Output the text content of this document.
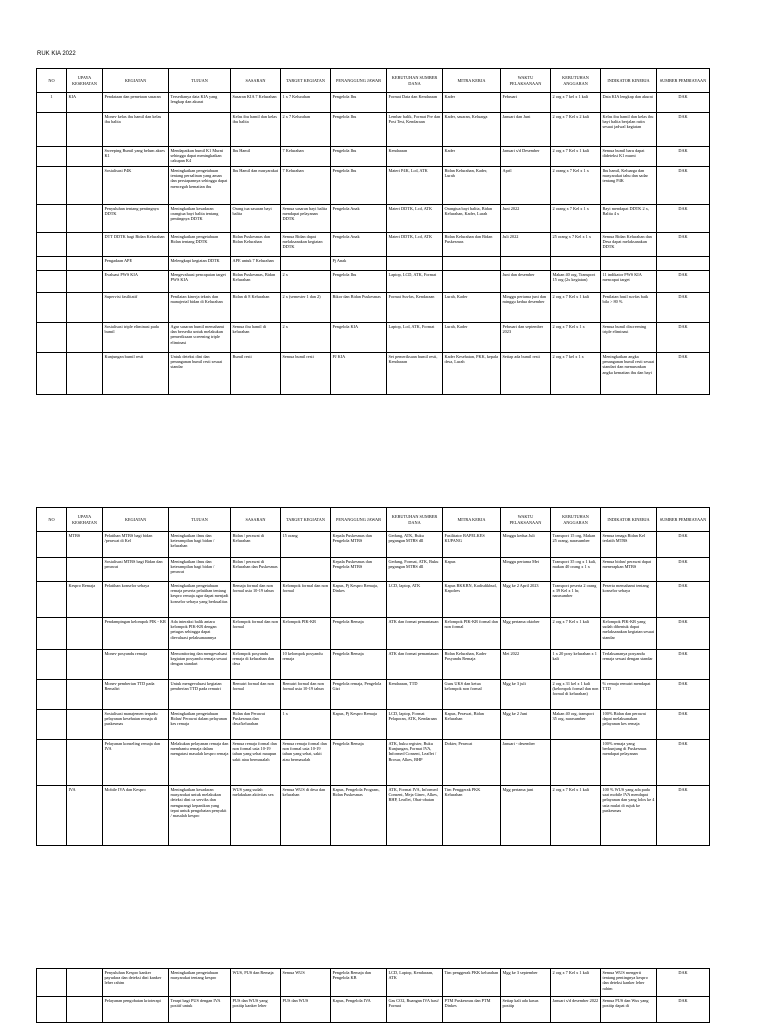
RUK KIA 2022
NO	UPAYA KESEHATAN	KEGIATAN	TUJUAN	SASARAN	TARGET KEGIATAN	PENANGGUNG JAWAB	KEBUTUHAN SUMBER DANA	MITRA KERJA	WAKTU PELAKSANAAN	KEBUTUHAN ANGGARAN	INDIKATOR KINERJA	SUMBER PEMBIAYAAN
1	KIA	Pendataan dan pemetaan sasaran	Tersedianya data KIA yang lengkap dan akurat	Sasaran KIA 7 Kelurahan	1 x 7 Kelurahan	Pengelola Ibu	Format Data dan Kendaraan	Kader	Februari	2 org x 7 kel x 1 kali	Data KIA lengkap dan akurat	DAK
		Monev kelas ibu hamil dan kelas ibu balita		Kelas ibu hamil dan kelas ibu balita	2 x 7 Kelurahan	Pengelola Ibu	Lembar balik, Format Pre dan Post Test, Kendaraan	Kader, sasaran, Keluarga	Januari dan Juni	2 org x 7 Kel x 2 kali	Kelas ibu hamil dan kelas ibu bayi balita berjalan rutin sesuai jadwal kegiatan	DAK
		Sweeping Bumil yang belum akses K1	Mendapatkan bumil K1 Murni sehingga dapat meningkatkan cakupan K4	Ibu Hamil	7 Kelurahan	Pengelola Ibu	Kendaraan	Kader	Januari s/d Desember	2 org x 7 Kel x 1 kali	Semua bumil baru dapat dideteksi K1 murni	DAK
		Sosialisasi P4K	Meningkatkan pengetahuan tentang persalinan yang aman dan persiapannya sehingga dapat mencegah kematian ibu	Ibu Hamil dan masyarakat	7 Kelurahan	Pengelola Ibu	Materi P4K, Lcd, ATK	Bidan Kelurahan, Kader, Lurah	April	2 orang x 7 Kel x 1 x	Ibu hamil, Keluarga dan masyarakat tahu dan sadar tentang P4K	DAK
		Penyuluhan tentang pentingnya DDTK	Meningkatkan kesadaran orangtua bayi balita tentang pentingnya DDTK	Orang tua sasaran bayi balita	Semua sasaran bayi balita mendapat pelayanan DDTK	Pengelola Anak	Materi DDTK, Lcd, ATK	Orangtua bayi balita, Bidan Kelurahan, Kader, Lurah	Juni 2022	2 orang x 7 Kel x 1 x	Bayi mendapat DDTK 2 x, Balita 4 x	DAK
		DTT DDTK bagi Bidan Kelurahan	Meningkatkan pengetahuan Bidan tentang DDTK	Bidan Puskesmas dan Bidan Kelurahan	Semua Bidan dapat melaksanakan kegiatan DDTK	Pengelola Anak	Materi DDTK, Lcd, ATK	Bidan Kelurahan dan Bidan Puskesmas	Juli 2022	25 orang x 7 Kel x 1 x	Semua Bidan Kelurahan dan Desa dapat melaksanakan DDTK	DAK
		Pengadaan APE	Melengkapi kegiatan DDTK	APE untuk 7 Kelurahan		Pj Anak						
		Evaluasi PWS KIA	Mengevaluasi pencapaian target PWS KIA	Bidan Puskesmas, Bidan Kelurahan	2 x	Pengelola Ibu	Laptop, LCD, ATK, Format		Juni dan desember	Makan 40 org, Transport 15 org (2x kegiatan)	11 indikator PWS KIA mencapai target	DAK
		Supervisi fasilitatif	Penilaian kinerja teknis dan manajerial bidan di Kelurahan	Bidan di 8 Kelurahan	2 x (semester 1 dan 2)	Bikor dan Bidan Puskesmas	Format Suvfas, Kendaraan	Lurah, Kader	Minggu pertama juni dan minggu kedua desember	2 org x 7 Kel x 1 kali	Penilaian hasil suvfas baik bila > 80 %	DAK
		Sosialisasi triple eliminasi pada bumil	Agar sasaran bumil memahami dan bersedia untuk melakukan pemeriksaan screening triple eliminasi	Semua ibu hamil di kelurahan	2 x	Pengelola KIA	Laptop, Lcd, ATK, Format	Lurah, Kader	Pebruari dan september 2023	2 org x 7 Kel x 1 x	Semua bumil discreening triple eliminasi	DAK
		Kunjungan bumil resti	Untuk deteksi dini dan penanganan bumil resti sesuai standar	Bumil resti	Semua bumil resti	PJ KIA	Set pemeriksaan bumil resti, Kendaraan	Kader Kesehatan, PKK, kepala desa, Lurah	Setiap ada bumil resti	2 org x 7 kel x 1 x	Meningkatkan angka penanganan bumil resti sesuai standart dan menurunkan angka kematian ibu dan bayi	DAK
NO	UPAYA KESEHATAN	KEGIATAN	TUJUAN	SASARAN	TARGET KEGIATAN	PENANGGUNG JAWAB	KEBUTUHAN SUMBER DANA	MITRA KERJA	WAKTU PELAKSANAAN	KEBUTUHAN ANGGARAN	INDIKATOR KINERJA	SUMBER PEMBIAYAAN
	MTBS	Pelatihan MTBS bagi bidan /perawat di Kel	Meningkatkan ilmu dan keterampilan bagi bidan / kelurahan	Bidan / perawat di Kelurahan	15 orang	Kepala Puskesmas dan Pengelola MTBS	Gedung, ATK, Buku pegangan MTBS dll	Fasilitator BAPELKES KUPANG	Minggu kedua Juli	Transport 15 org, Makan 25 orang, narasumber	Semua tenaga Bidan Kel terlatih MTBS	DAK
		Sosialisasi MTBS bagi Bidan dan perawat	Meningkatkan ilmu dan keterampilan bagi bidan / perawat	Bidan / perawat di Kelurahan dan Puskesmas		Kepala Puskesmas dan Pengelola MTBS	Gedung, Format, ATK, Buku pegangan MTBS dll	Kapus	Minggu pertama Mei	Transport 35 org x 1 kali, makan 40 orang x 1 x	Semua bidan/ perawat dapat menerapkan MTBS	DAK
	Kespro Remaja	Pelatihan konselor sebaya	Meningkatkan pengetahuan remaja peserta pelatihan tentang kespro remaja agar dapat menjadi konselor sebaya yang berkualitas	Remaja formal dan non formal usia 10-19 tahun	Kelompok formal dan non formal	Kapus, Pj Kespro Remaja, Dinkes	LCD, laptop, ATK	Kapus BKKBN, Kadisdikbud, Kapolres	Mgg ke 2 April 2023	Transport peserta 2 orang x 39 Kel x 1 hr, narasumber	Peserta memahami tentang konselor sebaya	DAK
		Pendampingan kelompok PIK - KR	Ada interaksi balik antara kelompok PIK-KR dengan petugas sehingga dapat dievaluasi pelaksanaannya	Kelompok formal dan non formal	Kelompok PIK-KR	Pengelola Remaja	ATK dan format pemantauan	Kelompok PIK-KR formal dan non formal	Mgg pertama oktober	2 org x 7 Kel x 1 kali	Kelompok PIK-KR yang sudah dibentuk dapat melaksanakan kegiatan sesuai standar	DAK
		Monev posyandu remaja	Memonitoring dan mengevaluasi kegiatan posyandu remaja sesuai dengan standart	Kelompok posyandu remaja di kelurahan dan desa	10 kelompok posyandu remaja	Pengelola Remaja	ATK dan format pemantauan	Bidan Kelurahan, Kader Posyandu Remaja	Mei 2022	1 x 20 posy kelurahan x 1 kali	Terlaksananya posyandu remaja sesuai dengan standar	DAK
		Monev pemberian TTD pada Remaltri	Untuk mengevaluasi kegiatan pemberian TTD pada remutri	Remutri formal dan non formal	Remutri formal dan non formal usia 10-19 tahun	Pengelola remaja, Pengelola Gizi	Kendaraan, TTD	Guru UKS dan ketua kelompok non formal	Mgg ke 3 juli	2 org x 31 kel x 1 kali (kelompok formal dan non formal di kelurahan)	% remaja remutri mendapat TTD	DAK
		Sosialisasi manajemen terpadu pelayanan kesehatan remaja di puskesmas	Meningkatkan pengetahuan Bidan/ Perawat dalam pelayanan kes remaja	Bidan dan Perawat Puskesmas dan desa/kelurahan	1 x	Kapus, Pj Kespro Remaja	LCD, laptop, Format Pelaporan, ATK, Kendaraan	Kapus, Perawat, Bidan Kelurahan	Mgg ke 2 Juni	Makan 40 org, transport 35 org, narasumber	100% Bidan dan perawat dapat melaksanakan pelayanan kes remaja	DAK
		Pelayanan konseling remaja dan IVA	Melakukan pelayanan remaja dan membantu remaja dalam mengatasi masalah kespro remaja	Semua remaja formal dan non formal usia 10-19 tahun yang sehat maupun sakit atau bermasalah	Semua remaja formal dan non formal usia 10-19 tahun yang sehat, sakit atau bermasalah	Pengelola Remaja	ATK, buku register, Buku Kunjungan, Format IVA, Informed Consent, Leaflet / Brosur, Alkes, BHP	Dokter, Perawat	Januari - desember		100% remaja yang berkunjung di Puskesmas mendapat pelayanan	DAK
	IVA	Mobile IVA dan Kespro	Meningkatkan kesadaran masyarakat untuk melakukan deteksi dini ca serviks dan mengurangi kepanikan yang tepat untuk pengobatan penyakit / masalah kespro	WUS yang sudah melakukan aktivitas sex	Semua WUS di desa dan kelurahan	Kapus, Pengelola Program, Bidan Puskesmas	ATK, Format IVA, Informed Consent, Meja Ginec, Alkes, BHP, Leaflet, Obat-obatan	Tim Penggerak PKK Kelurahan	Mgg pertama juni	2 org x 7 Kel x 1 kali	100 % WUS yang ada pada saat mobile IVA mendapat pelayanan dan yang lolos ke 4 usia mulai di rujuk ke puskesmas	DAK
		Penyuluhan Kespro kanker payudara dan deteksi dini kanker leher rahim	Meningkatkan pengetahuan masyarakat tentang kespro	WUS, PUS dan Remaja	Semua WUS	Pengelola Remaja dan Pengelola KB	LCD, Laptop, Kendaraan, ATK	Tim penggerak PKK kelurahan	Mgg ke 3 september	2 org x 7 Kel x 1 kali	Semua WUS mengerti tentang pentingnya kespro dan deteksi kanker leher rahim	DAK
		Pelayanan pengobatan krioterapi	Terapi bagi PUS dengan IVA positif untuk	PUS dan WUS yang positip kanker leher	PUS dan WUS	Kapus, Pengelola IVA	Gas CO2, Ruangan IVA hasi/ Format	PTM Puskesmas dan PTM Dinkes	Setiap kali ada kasus positip	Januari s/d desember 2022	Semua PUS dan Wus yang positip dapat di	DAK
